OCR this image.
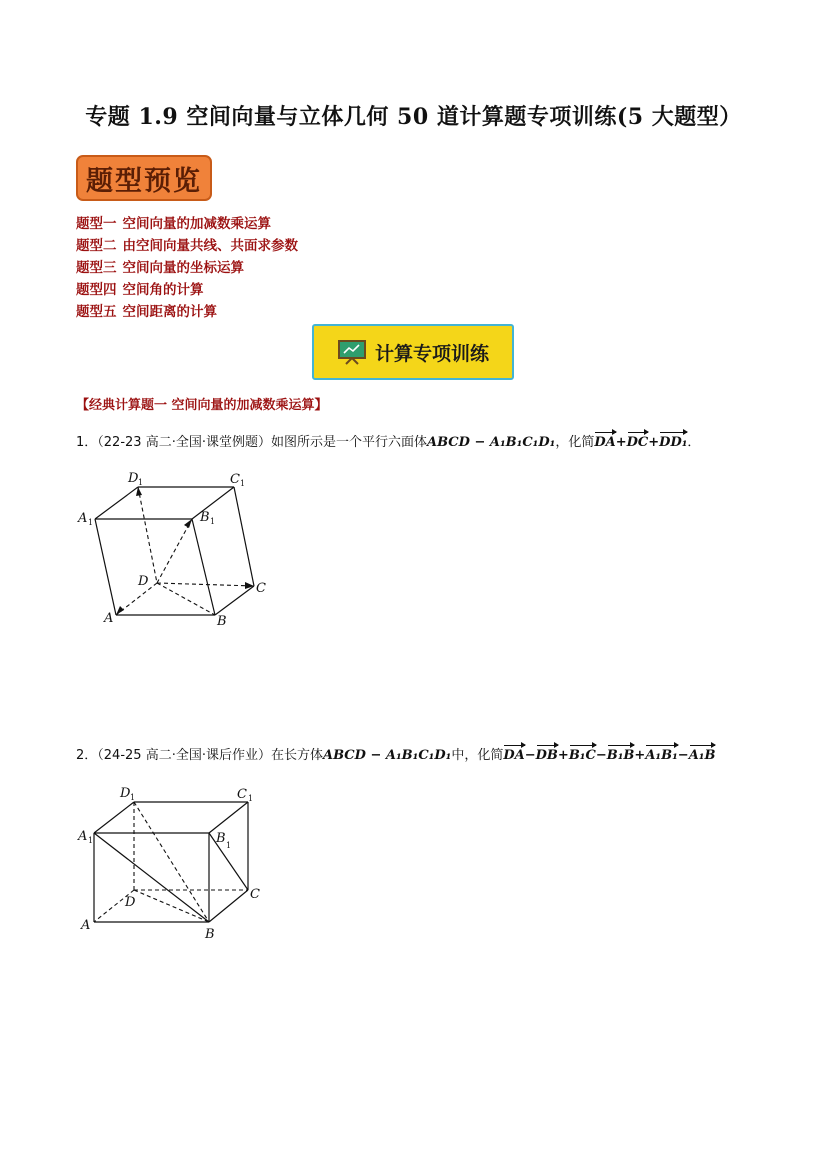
专题 1.9 空间向量与立体几何 50 道计算题专项训练(5 大题型）
题型预览
题型一 空间向量的加减数乘运算
题型二 由空间向量共线、共面求参数
题型三 空间向量的坐标运算
题型四 空间角的计算
题型五 空间距离的计算
计算专项训练
【经典计算题一 空间向量的加减数乘运算】
1．（22-23 高二·全国·课堂例题）如图所示是一个平行六面体ABCD − A₁B₁C₁D₁，化简DA+DC+DD₁．
D 1	C 1
A 1	B 1
D	C
A	B
2．（24-25 高二·全国·课后作业）在长方体ABCD − A₁B₁C₁D₁中，化简DA−DB+B₁C−B₁B+A₁B₁−A₁B
D 1	C 1
A 1	B 1
D
C
A
B
